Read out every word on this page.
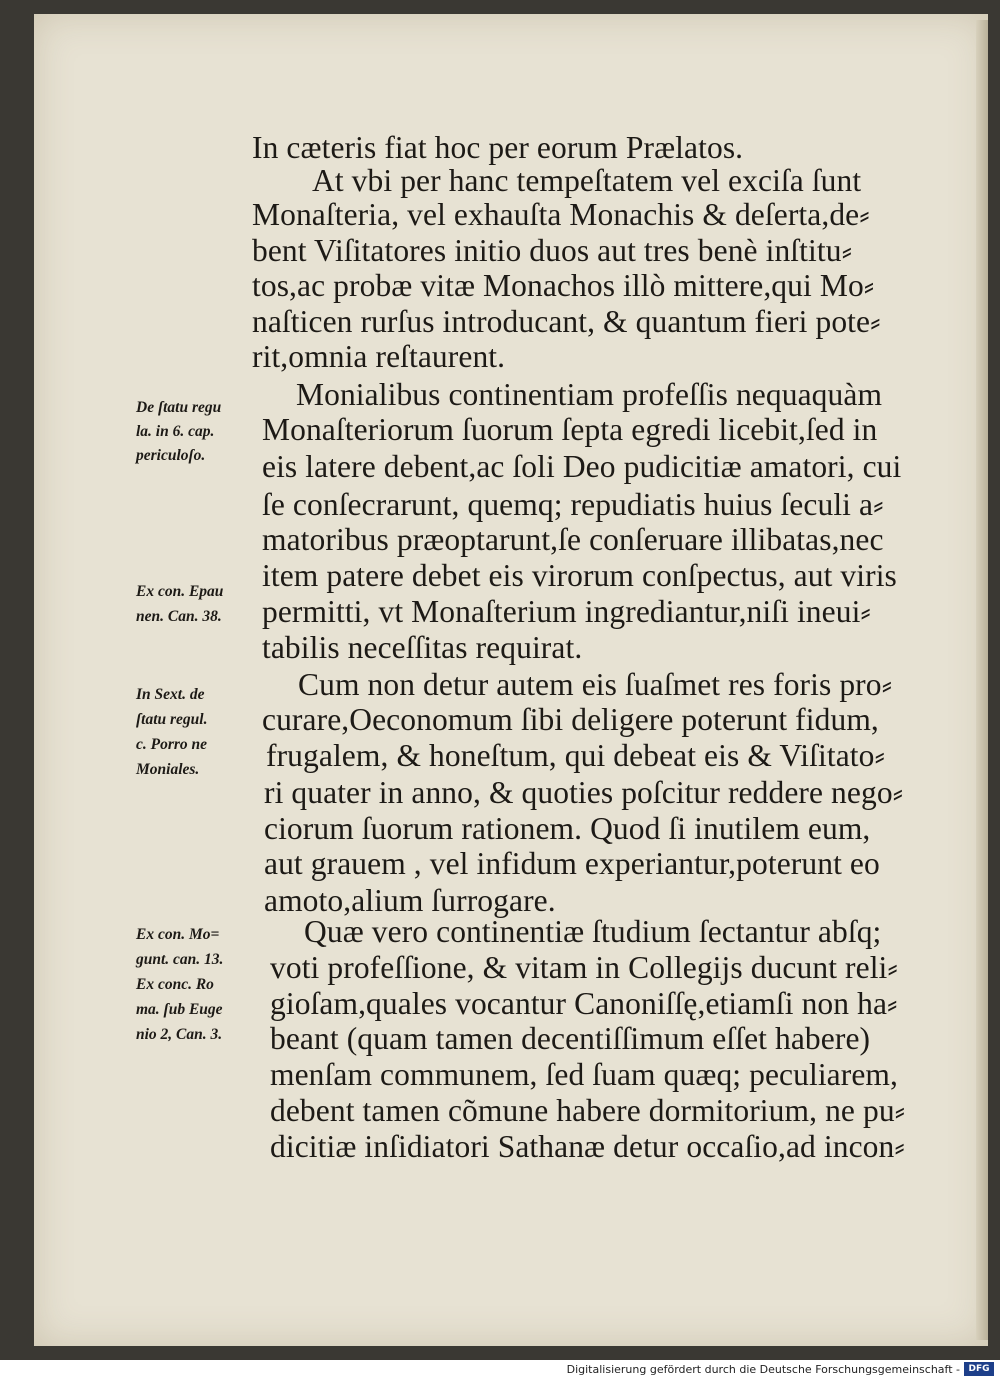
In cæteris fiat hoc per eorum Prælatos.
At vbi per hanc tempeſtatem vel exciſa ſunt
Monaſteria, vel exhauſta Monachis & deſerta,de⸗
bent Viſitatores initio duos aut tres benè inſtitu⸗
tos,ac probæ vitæ Monachos illò mittere,qui Mo⸗
naſticen rurſus introducant, & quantum fieri pote⸗
rit,omnia reſtaurent.
Monialibus continentiam profeſſis nequaquàm
Monaſteriorum ſuorum ſepta egredi licebit,ſed in
eis latere debent,ac ſoli Deo pudicitiæ amatori, cui
ſe conſecrarunt, quemq; repudiatis huius ſeculi a⸗
matoribus præoptarunt,ſe conſeruare illibatas,nec
item patere debet eis virorum conſpectus, aut viris
permitti, vt Monaſterium ingrediantur,niſi ineui⸗
tabilis neceſſitas requirat.
Cum non detur autem eis ſuaſmet res foris pro⸗
curare,Oeconomum ſibi deligere poterunt fidum,
frugalem, & honeſtum, qui debeat eis & Viſitato⸗
ri quater in anno, & quoties poſcitur reddere nego⸗
ciorum ſuorum rationem. Quod ſi inutilem eum,
aut grauem , vel infidum experiantur,poterunt eo
amoto,alium ſurrogare.
Quæ vero continentiæ ſtudium ſectantur abſq;
voti profeſſione, & vitam in Collegijs ducunt reli⸗
gioſam,quales vocantur Canoniſſę,etiamſi non ha⸗
beant (quam tamen decentiſſimum eſſet habere)
menſam communem, ſed ſuam quæq; peculiarem,
debent tamen cõmune habere dormitorium, ne pu⸗
dicitiæ inſidiatori Sathanæ detur occaſio,ad incon⸗
De ſtatu regu
la. in 6. cap.
periculoſo.
Ex con. Epau
nen. Can. 38.
In Sext. de
ſtatu regul.
c. Porro ne
Moniales.
Ex con. Mo=
gunt. can. 13.
Ex conc. Ro
ma. ſub Euge
nio 2, Can. 3.
Digitalisierung gefördert durch die Deutsche Forschungsgemeinschaft - DFG
